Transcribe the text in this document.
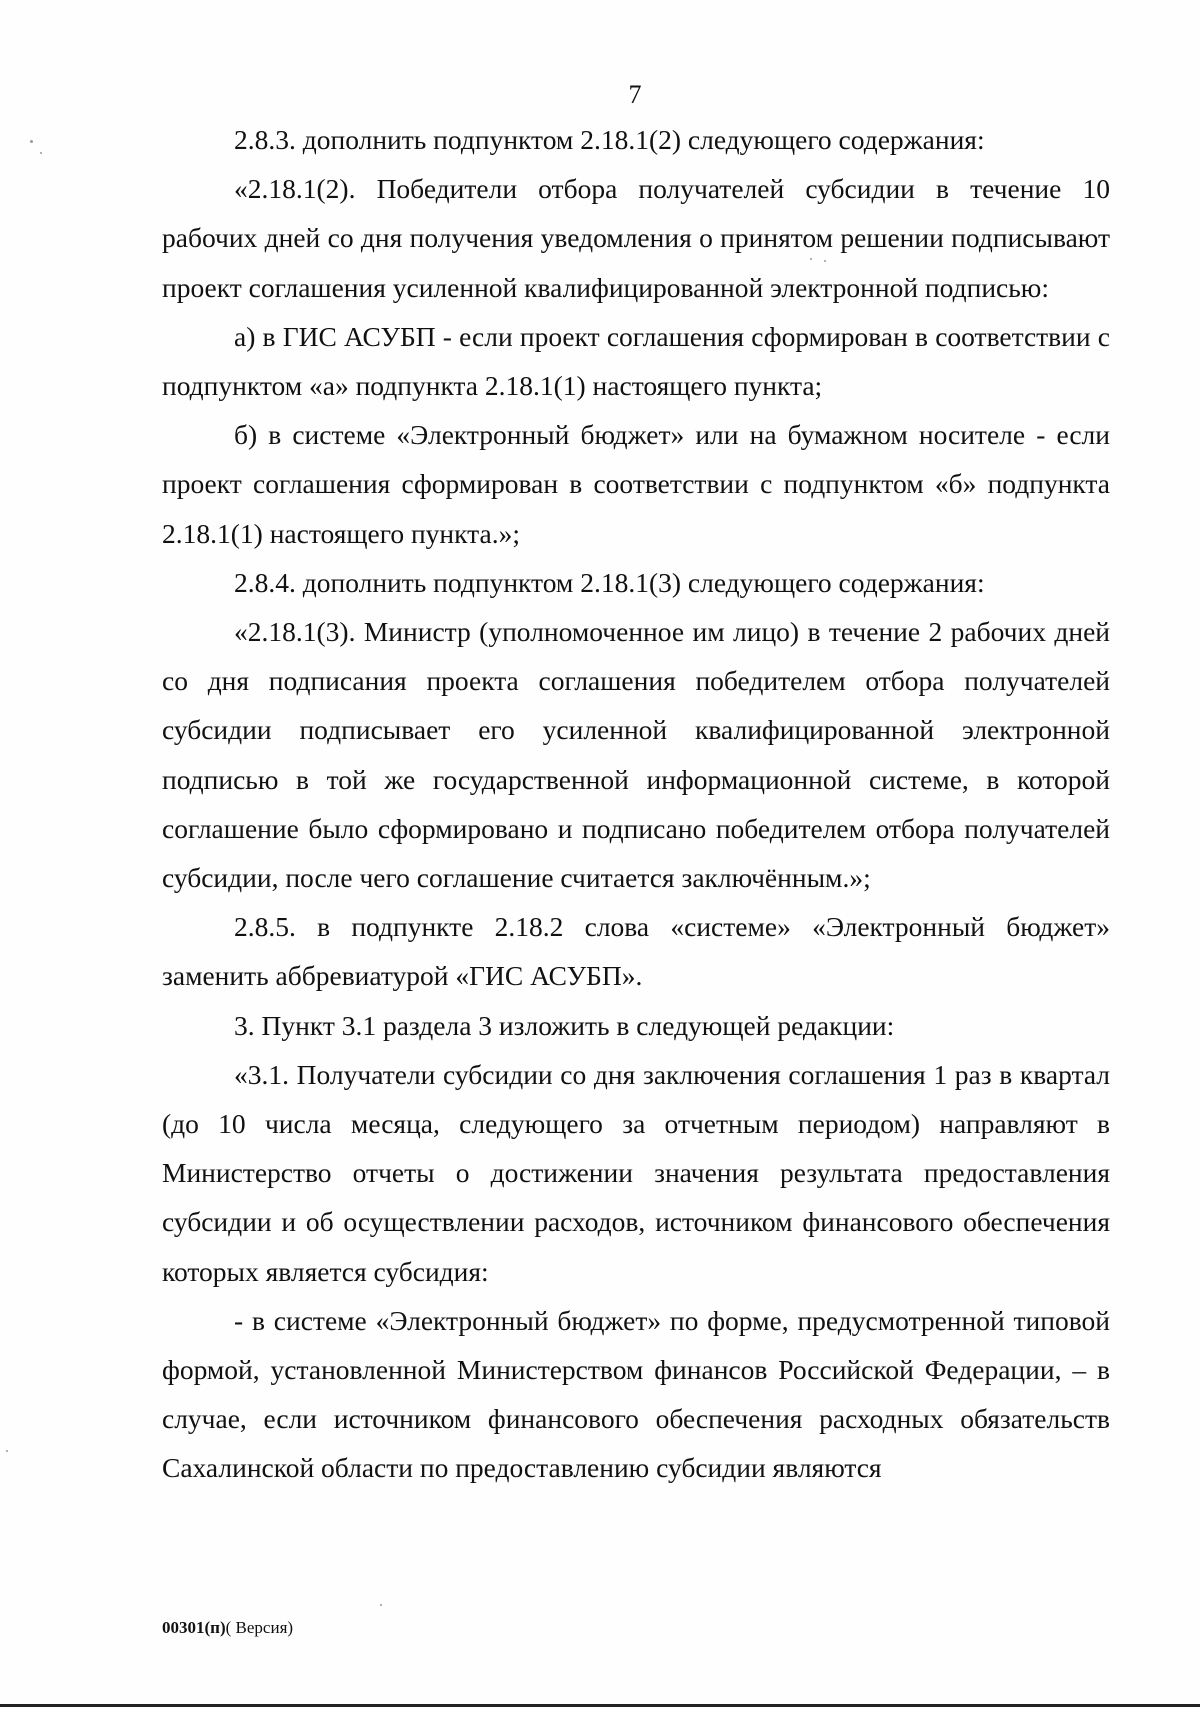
7

2.8.3. дополнить подпунктом 2.18.1(2) следующего содержания:

«2.18.1(2). Победители отбора получателей субсидии в течение 10 рабочих дней со дня получения уведомления о принятом решении подписывают проект соглашения усиленной квалифицированной электронной подписью:

а) в ГИС АСУБП - если проект соглашения сформирован в соответствии с подпунктом «а» подпункта 2.18.1(1) настоящего пункта;

б) в системе «Электронный бюджет» или на бумажном носителе - если проект соглашения сформирован в соответствии с подпунктом «б» подпункта 2.18.1(1) настоящего пункта.»;

2.8.4. дополнить подпунктом 2.18.1(3) следующего содержания:

«2.18.1(3). Министр (уполномоченное им лицо) в течение 2 рабочих дней со дня подписания проекта соглашения победителем отбора получателей субсидии подписывает его усиленной квалифицированной электронной подписью в той же государственной информационной системе, в которой соглашение было сформировано и подписано победителем отбора получателей субсидии, после чего соглашение считается заключённым.»;

2.8.5. в подпункте 2.18.2 слова «системе» «Электронный бюджет» заменить аббревиатурой «ГИС АСУБП».

3. Пункт 3.1 раздела 3 изложить в следующей редакции:

«3.1. Получатели субсидии со дня заключения соглашения 1 раз в квартал (до 10 числа месяца, следующего за отчетным периодом) направляют в Министерство отчеты о достижении значения результата предоставления субсидии и об осуществлении расходов, источником финансового обеспечения которых является субсидия:

- в системе «Электронный бюджет» по форме, предусмотренной типовой формой, установленной Министерством финансов Российской Федерации, – в случае, если источником финансового обеспечения расходных обязательств Сахалинской области по предоставлению субсидии являются

00301(п)( Версия)
